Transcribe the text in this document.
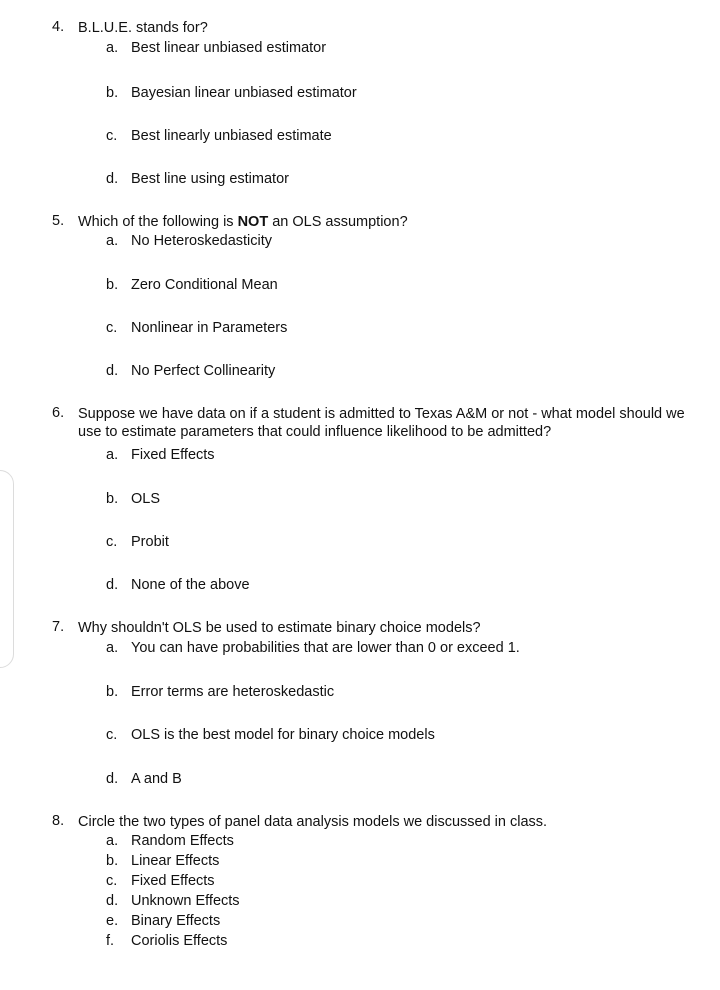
4. B.L.U.E. stands for?
a. Best linear unbiased estimator
b. Bayesian linear unbiased estimator
c. Best linearly unbiased estimate
d. Best line using estimator
5. Which of the following is NOT an OLS assumption?
a. No Heteroskedasticity
b. Zero Conditional Mean
c. Nonlinear in Parameters
d. No Perfect Collinearity
6. Suppose we have data on if a student is admitted to Texas A&M or not - what model should we use to estimate parameters that could influence likelihood to be admitted?
a. Fixed Effects
b. OLS
c. Probit
d. None of the above
7. Why shouldn't OLS be used to estimate binary choice models?
a. You can have probabilities that are lower than 0 or exceed 1.
b. Error terms are heteroskedastic
c. OLS is the best model for binary choice models
d. A and B
8. Circle the two types of panel data analysis models we discussed in class.
a. Random Effects
b. Linear Effects
c. Fixed Effects
d. Unknown Effects
e. Binary Effects
f.	Coriolis Effects
